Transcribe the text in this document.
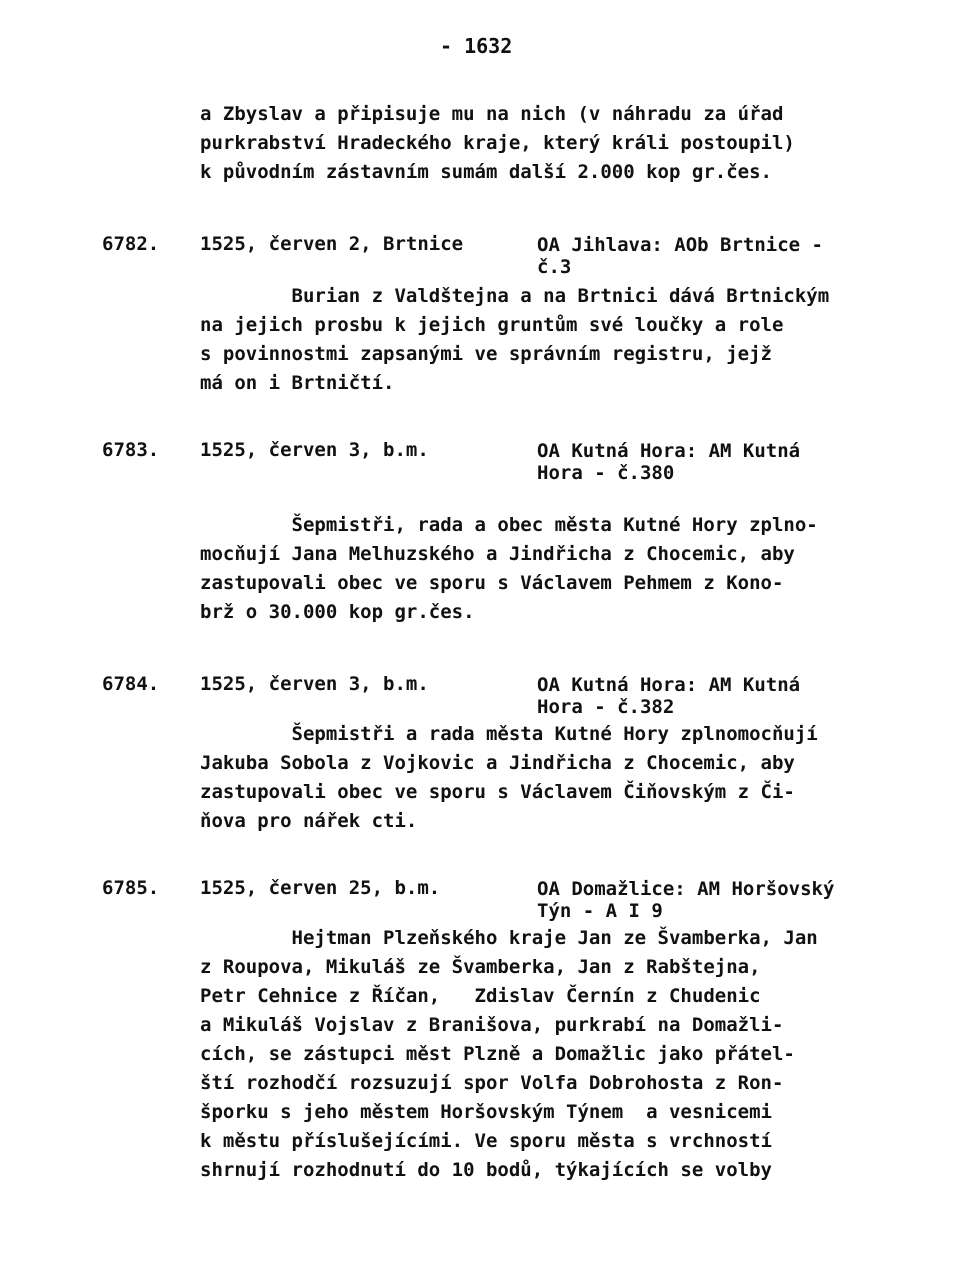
- 1632
a Zbyslav a připisuje mu na nich (v náhradu za úřad
purkrabství Hradeckého kraje, který králi postoupil)
k původním zástavním sumám další 2.000 kop gr.čes.
6782. 1525, červen 2, Brtnice	OA Jihlava: AOb Brtnice -
č.3
Burian z Valdštejna a na Brtnici dává Brtnickým
na jejich prosbu k jejich gruntům své loučky a role
s povinnostmi zapsanými ve správním registru, jejž
má on i Brtničtí.
6783. 1525, červen 3, b.m.	OA Kutná Hora: AM Kutná
Hora - č.380
Šepmistři, rada a obec města Kutné Hory zplno-
mocňují Jana Melhuzského a Jindřicha z Chocemic, aby
zastupovali obec ve sporu s Václavem Pehmem z Kono-
brž o 30.000 kop gr.čes.
6784. 1525, červen 3, b.m.	OA Kutná Hora: AM Kutná
Hora - č.382
Šepmistři a rada města Kutné Hory zplnomocňují
Jakuba Sobola z Vojkovic a Jindřicha z Chocemic, aby
zastupovali obec ve sporu s Václavem Čiňovským z Či-
ňova pro nářek cti.
6785. 1525, červen 25, b.m.	OA Domažlice: AM Horšovský
Týn - A I 9
Hejtman Plzeňského kraje Jan ze Švamberka, Jan
z Roupova, Mikuláš ze Švamberka, Jan z Rabštejna,
Petr Cehnice z Říčan,   Zdislav Černín z Chudenic
a Mikuláš Vojslav z Branišova, purkrabí na Domažli-
cích, se zástupci měst Plzně a Domažlic jako přátel-
ští rozhodčí rozsuzují spor Volfa Dobrohosta z Ron-
šporku s jeho městem Horšovským Týnem  a vesnicemi
k městu příslušejícími. Ve sporu města s vrchností
shrnují rozhodnutí do 10 bodů, týkajících se volby
